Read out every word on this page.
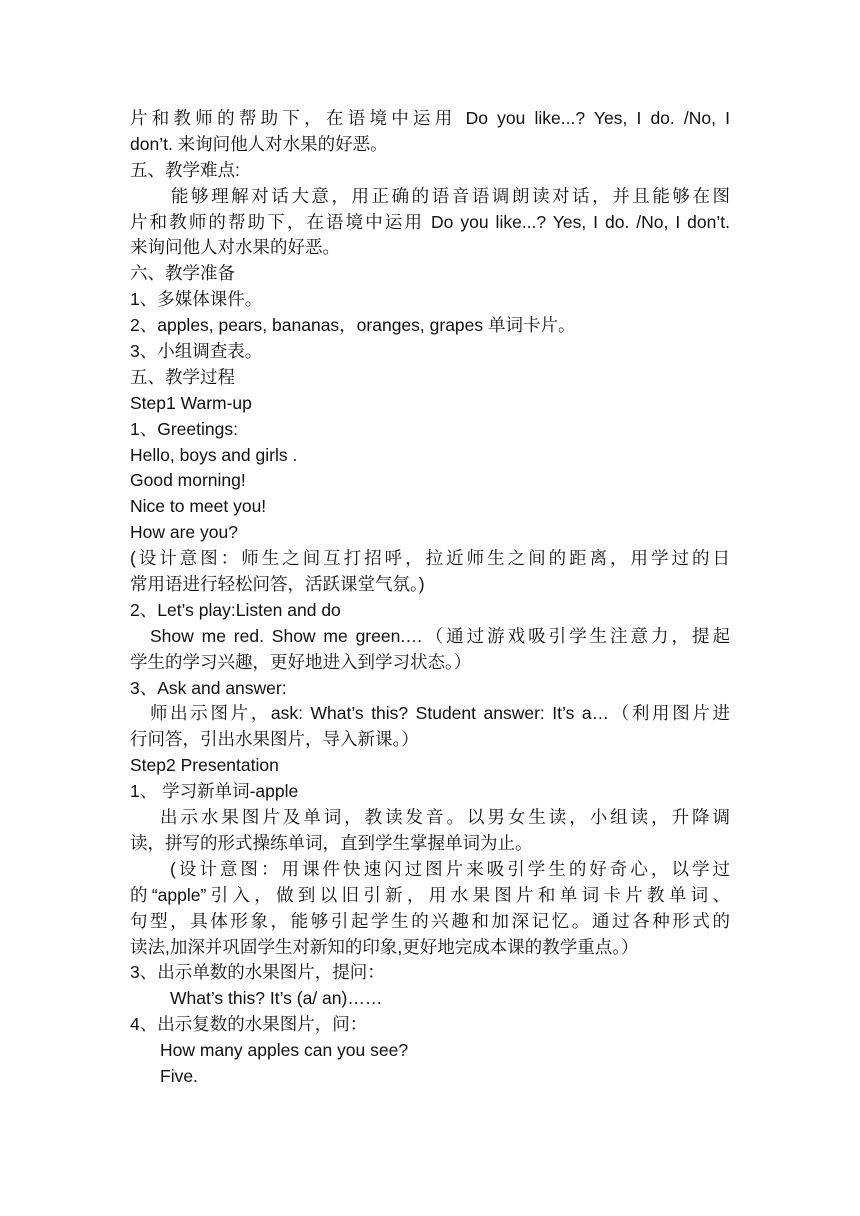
片和教师的帮助下，在语境中运用 Do you like...? Yes, I do. /No, I
don’t. 来询问他人对水果的好恶。
五、教学难点:
能够理解对话大意，用正确的语音语调朗读对话，并且能够在图
片和教师的帮助下，在语境中运用 Do you like...? Yes, I do. /No, I don’t.
来询问他人对水果的好恶。
六、教学准备
1、多媒体课件。
2、apples, pears, bananas，oranges, grapes 单词卡片。
3、小组调查表。
五、教学过程
Step1 Warm-up
1、Greetings:
Hello, boys and girls .
Good morning!
Nice to meet you!
How are you?
(设计意图：师生之间互打招呼，拉近师生之间的距离，用学过的日
常用语进行轻松问答，活跃课堂气氛。)
2、Let’s play:Listen and do
Show me red. Show me green.…（通过游戏吸引学生注意力，提起
学生的学习兴趣，更好地进入到学习状态。）
3、Ask and answer:
师出示图片，ask: What’s this? Student answer: It’s a…（利用图片进
行问答，引出水果图片，导入新课。）
Step2 Presentation
1、 学习新单词-apple
出示水果图片及单词，教读发音。以男女生读，小组读，升降调
读，拼写的形式操练单词，直到学生掌握单词为止。
(设计意图：用课件快速闪过图片来吸引学生的好奇心，以学过
的“apple”引入，做到以旧引新，用水果图片和单词卡片教单词、
句型，具体形象，能够引起学生的兴趣和加深记忆。通过各种形式的
读法,加深并巩固学生对新知的印象,更好地完成本课的教学重点。）
3、出示单数的水果图片，提问：
What’s this? It’s (a/ an)……
4、出示复数的水果图片，问：
How many apples can you see?
Five.
